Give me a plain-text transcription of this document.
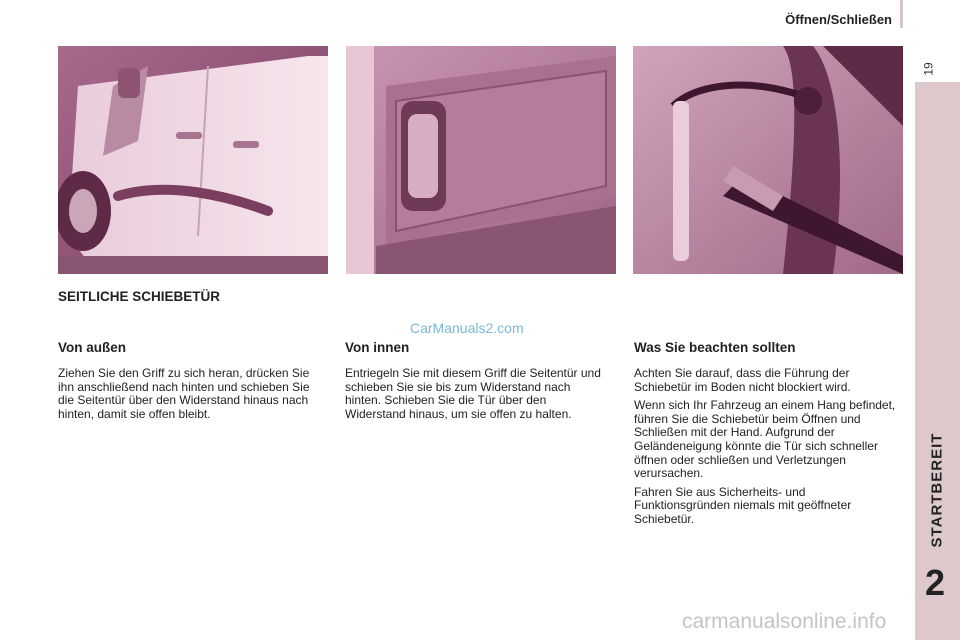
Öffnen/Schließen
19
STARTBEREIT
2
SEITLICHE SCHIEBETÜR
CarManuals2.com
Von außen

Ziehen Sie den Griff zu sich heran, drücken Sie ihn anschließend nach hinten und schieben Sie die Seitentür über den Widerstand hinaus nach hinten, damit sie offen bleibt.

Von innen

Entriegeln Sie mit diesem Griff die Seitentür und schieben Sie sie bis zum Widerstand nach hinten. Schieben Sie die Tür über den Widerstand hinaus, um sie offen zu halten.

Was Sie beachten sollten

Achten Sie darauf, dass die Führung der Schiebetür im Boden nicht blockiert wird.

Wenn sich Ihr Fahrzeug an einem Hang befindet, führen Sie die Schiebetür beim Öffnen und Schließen mit der Hand. Aufgrund der Geländeneigung könnte die Tür sich schneller öffnen oder schließen und Verletzungen verursachen.

Fahren Sie aus Sicherheits- und Funktionsgründen niemals mit geöffneter Schiebetür.

carmanualsonline.info
